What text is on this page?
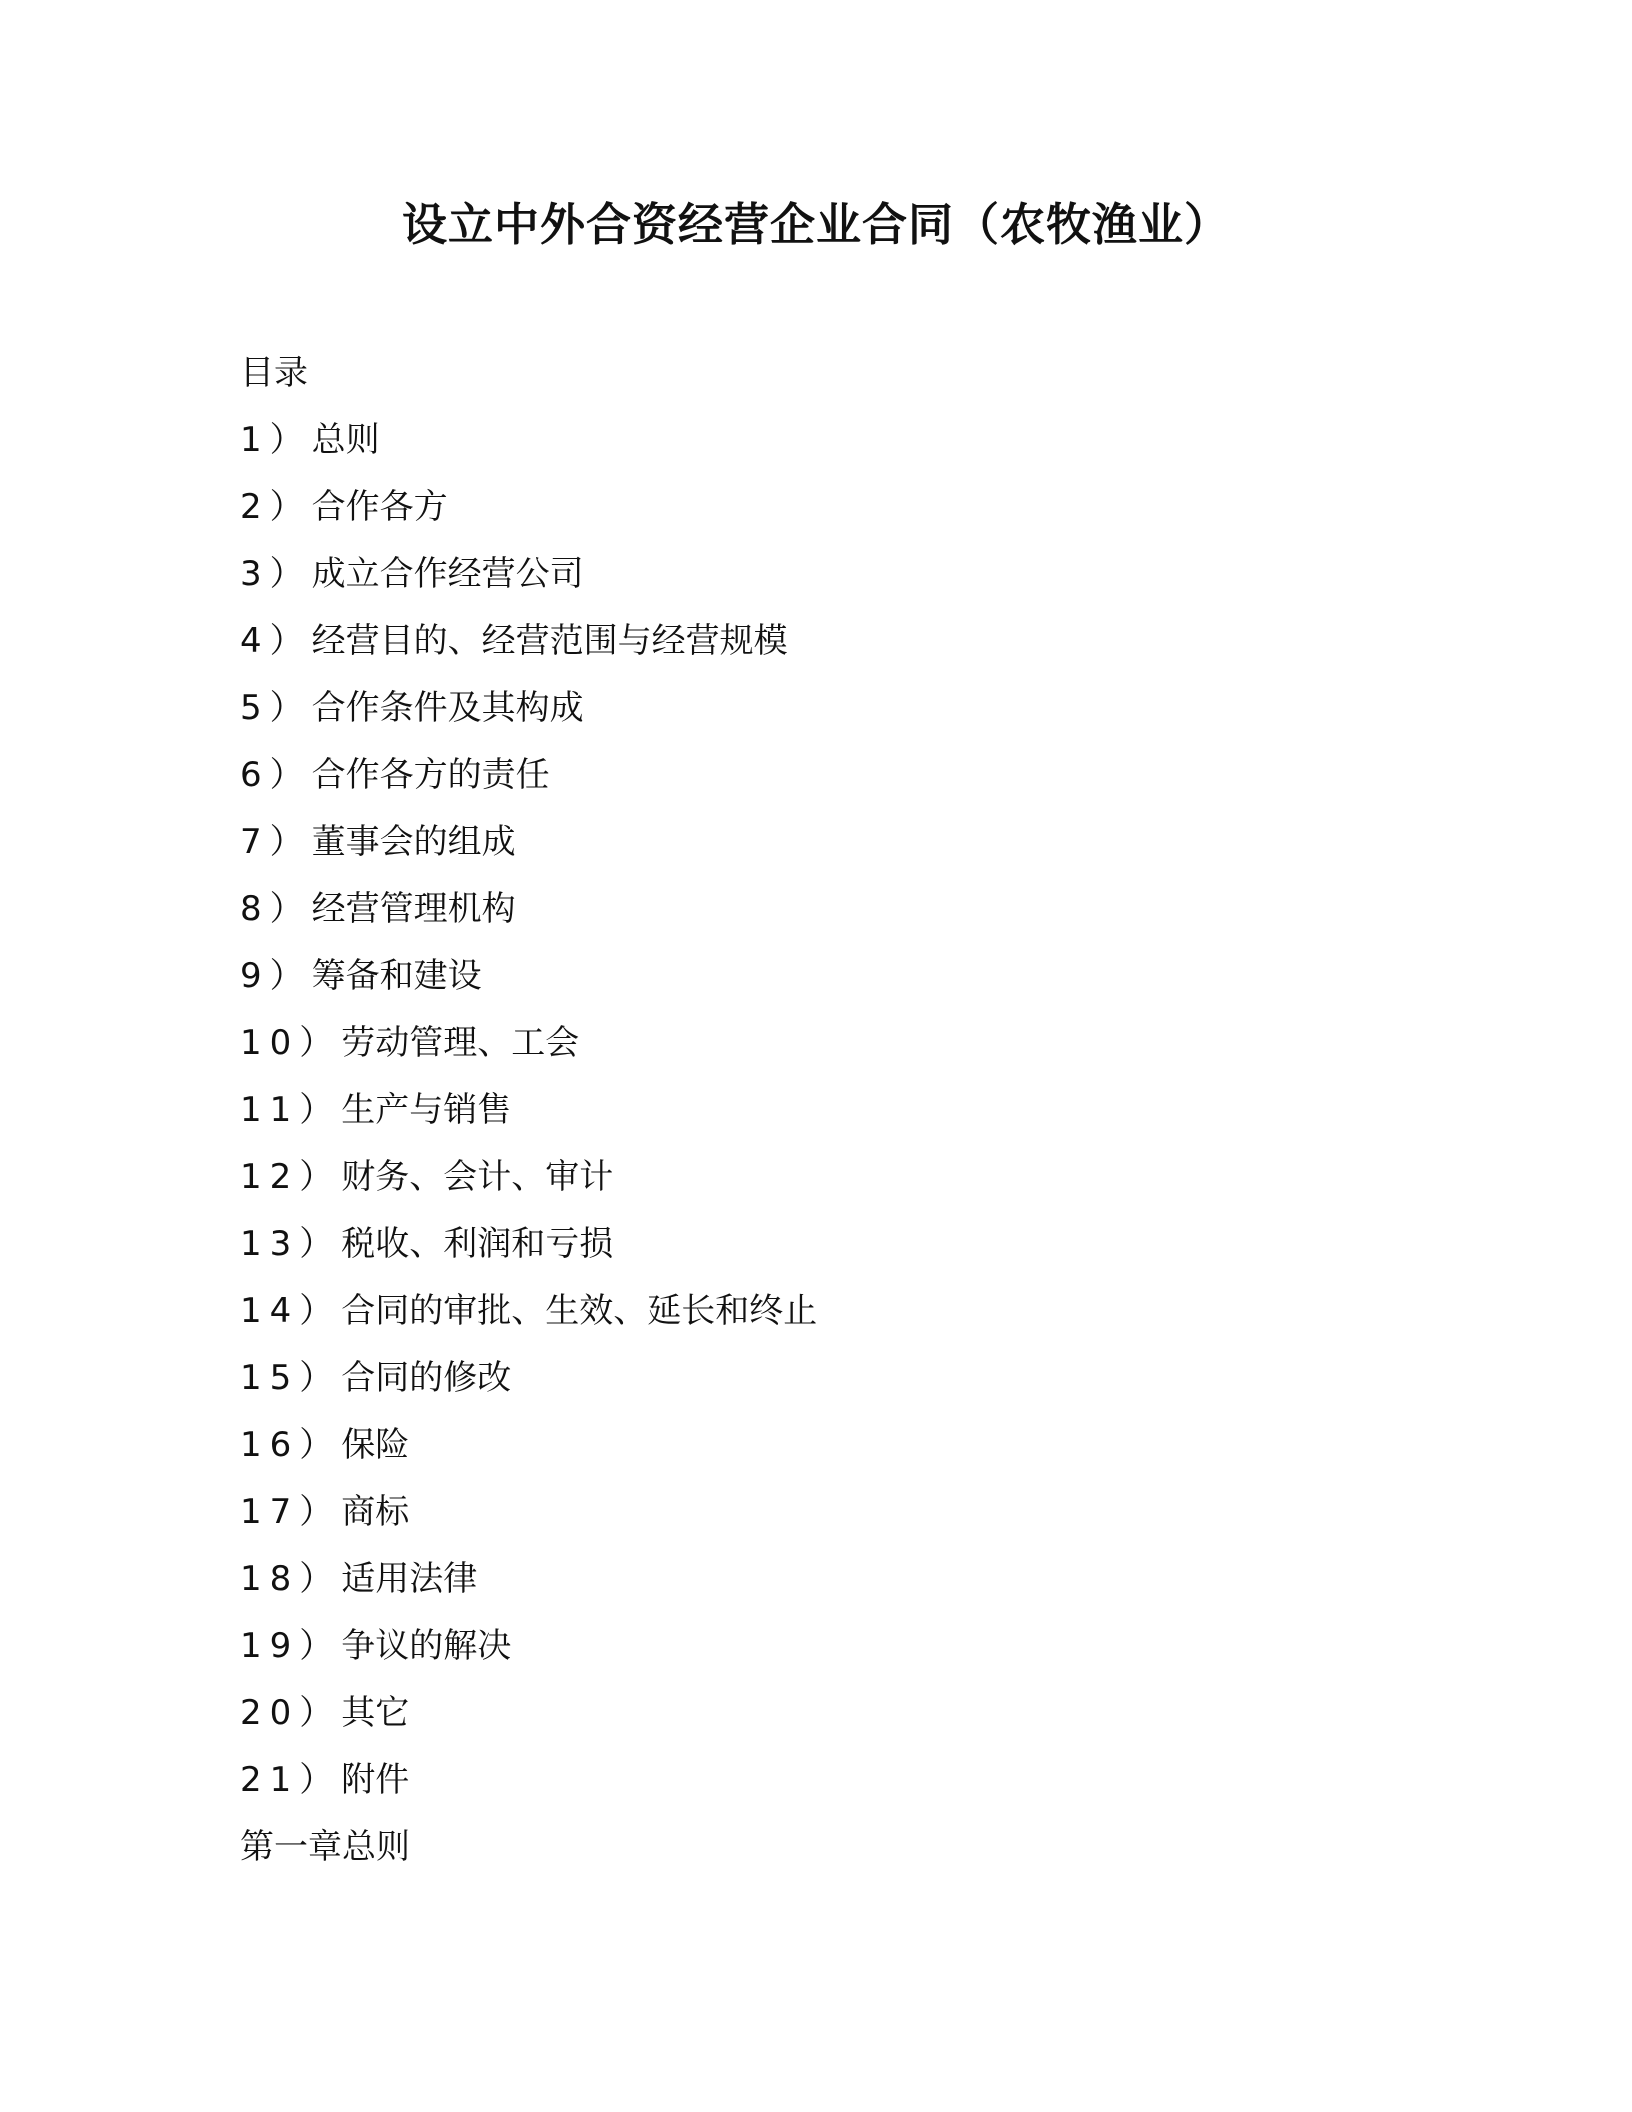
设立中外合资经营企业合同（农牧渔业）
目录
1）总则
2）合作各方
3）成立合作经营公司
4）经营目的、经营范围与经营规模
5）合作条件及其构成
6）合作各方的责任
7）董事会的组成
8）经营管理机构
9）筹备和建设
10）劳动管理、工会
11）生产与销售
12）财务、会计、审计
13）税收、利润和亏损
14）合同的审批、生效、延长和终止
15）合同的修改
16）保险
17）商标
18）适用法律
19）争议的解决
20）其它
21）附件
第一章总则
